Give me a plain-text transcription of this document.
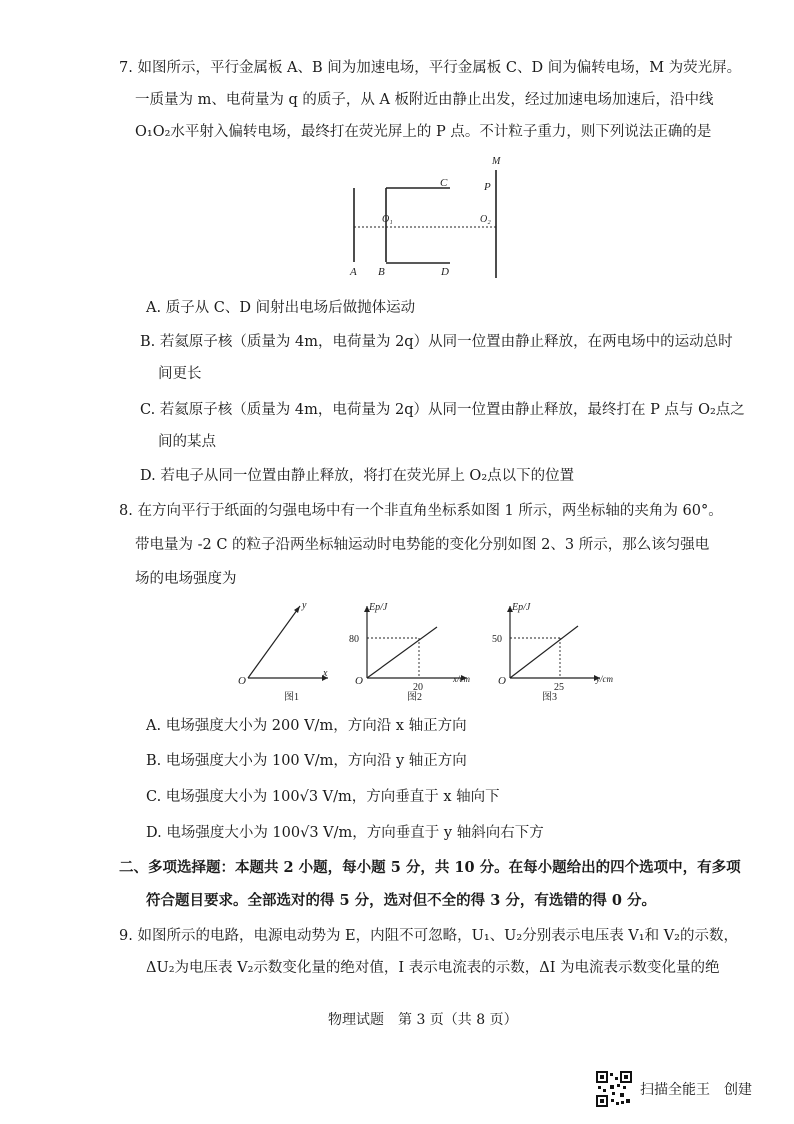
7. 如图所示，平行金属板 A、B 间为加速电场，平行金属板 C、D 间为偏转电场，M 为荧光屏。
一质量为 m、电荷量为 q 的质子，从 A 板附近由静止出发，经过加速电场加速后，沿中线
O₁O₂水平射入偏转电场，最终打在荧光屏上的 P 点。不计粒子重力，则下列说法正确的是
M
P
C
O₁	O₂
A B	D
A. 质子从 C、D 间射出电场后做抛体运动
B. 若氦原子核（质量为 4m，电荷量为 2q）从同一位置由静止释放，在两电场中的运动总时
间更长
C. 若氦原子核（质量为 4m，电荷量为 2q）从同一位置由静止释放，最终打在 P 点与 O₂点之
间的某点
D. 若电子从同一位置由静止释放，将打在荧光屏上 O₂点以下的位置
8. 在方向平行于纸面的匀强电场中有一个非直角坐标系如图 1 所示，两坐标轴的夹角为 60°。
带电量为 -2 C 的粒子沿两坐标轴运动时电势能的变化分别如图 2、3 所示，那么该匀强电
场的电场强度为
y
x
O
图1
Ep/J
80
20
x/cm
O
图2
Ep/J
50
25
y/cm
O
图3
A. 电场强度大小为 200 V/m，方向沿 x 轴正方向
B. 电场强度大小为 100 V/m，方向沿 y 轴正方向
C. 电场强度大小为 100√3 V/m，方向垂直于 x 轴向下
D. 电场强度大小为 100√3 V/m，方向垂直于 y 轴斜向右下方
二、多项选择题：本题共 2 小题，每小题 5 分，共 10 分。在每小题给出的四个选项中，有多项
符合题目要求。全部选对的得 5 分，选对但不全的得 3 分，有选错的得 0 分。
9. 如图所示的电路，电源电动势为 E，内阻不可忽略，U₁、U₂分别表示电压表 V₁和 V₂的示数，
ΔU₂为电压表 V₂示数变化量的绝对值，I 表示电流表的示数，ΔI 为电流表示数变化量的绝
物理试题　第 3 页（共 8 页）
扫描全能王　创建
